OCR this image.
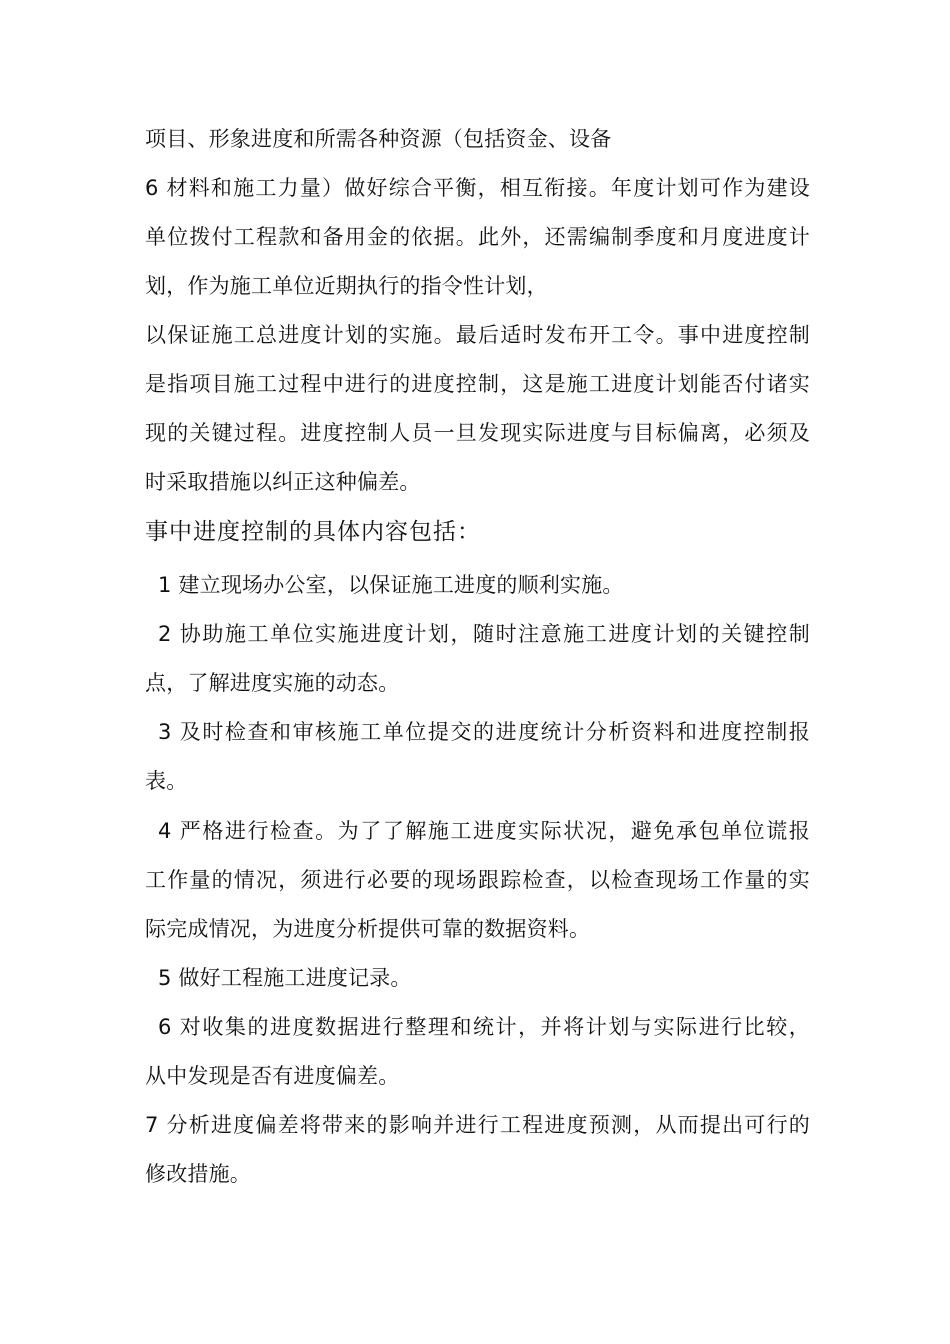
项目、形象进度和所需各种资源（包括资金、设备
6 材料和施工力量）做好综合平衡，相互衔接。年度计划可作为建设
单位拨付工程款和备用金的依据。此外，还需编制季度和月度进度计
划，作为施工单位近期执行的指令性计划，
以保证施工总进度计划的实施。最后适时发布开工令。事中进度控制
是指项目施工过程中进行的进度控制，这是施工进度计划能否付诸实
现的关键过程。进度控制人员一旦发现实际进度与目标偏离，必须及
时采取措施以纠正这种偏差。
事中进度控制的具体内容包括：
1 建立现场办公室，以保证施工进度的顺利实施。
2 协助施工单位实施进度计划，随时注意施工进度计划的关键控制
点，了解进度实施的动态。
3 及时检查和审核施工单位提交的进度统计分析资料和进度控制报
表。
4 严格进行检查。为了了解施工进度实际状况，避免承包单位谎报
工作量的情况，须进行必要的现场跟踪检查，以检查现场工作量的实
际完成情况，为进度分析提供可靠的数据资料。
5 做好工程施工进度记录。
6 对收集的进度数据进行整理和统计，并将计划与实际进行比较，
从中发现是否有进度偏差。
7 分析进度偏差将带来的影响并进行工程进度预测，从而提出可行的
修改措施。
